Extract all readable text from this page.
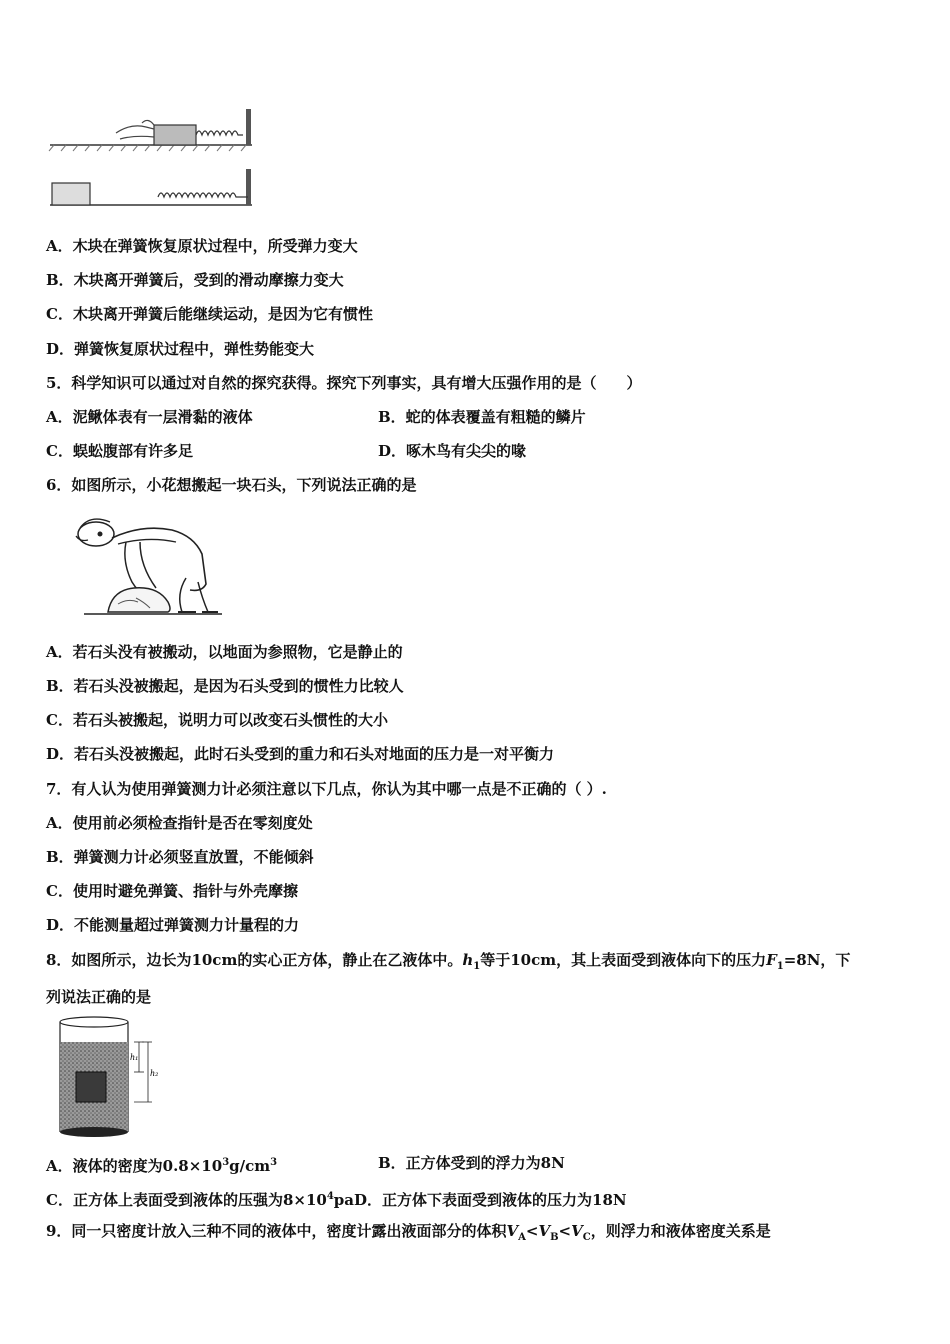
A．木块在弹簧恢复原状过程中，所受弹力变大
B．木块离开弹簧后，受到的滑动摩擦力变大
C．木块离开弹簧后能继续运动，是因为它有惯性
D．弹簧恢复原状过程中，弹性势能变大
5．科学知识可以通过对自然的探究获得。探究下列事实，具有增大压强作用的是（　　）
A．泥鳅体表有一层滑黏的液体	B．蛇的体表覆盖有粗糙的鳞片
C．蜈蚣腹部有许多足	D．啄木鸟有尖尖的喙
6．如图所示，小花想搬起一块石头，下列说法正确的是
A．若石头没有被搬动，以地面为参照物，它是静止的
B．若石头没被搬起，是因为石头受到的惯性力比较人
C．若石头被搬起，说明力可以改变石头惯性的大小
D．若石头没被搬起，此时石头受到的重力和石头对地面的压力是一对平衡力
7．有人认为使用弹簧测力计必须注意以下几点，你认为其中哪一点是不正确的（ ）.
A．使用前必须检查指针是否在零刻度处
B．弹簧测力计必须竖直放置，不能倾斜
C．使用时避免弹簧、指针与外壳摩擦
D．不能测量超过弹簧测力计量程的力
8．如图所示，边长为10cm的实心正方体，静止在乙液体中。$h_1$等于10cm，其上表面受到液体向下的压力$F_1=8N$，下
列说法正确的是
h₁
h₂
A．液体的密度为$0.8\times 10^3g/cm^3$	B．正方体受到的浮力为8N
C．正方体上表面受到液体的压强为$8\times 10^4paD$．正方体下表面受到液体的压力为18N
9．同一只密度计放入三种不同的液体中，密度计露出液面部分的体积$V_A<V_B<V_C$，则浮力和液体密度关系是
